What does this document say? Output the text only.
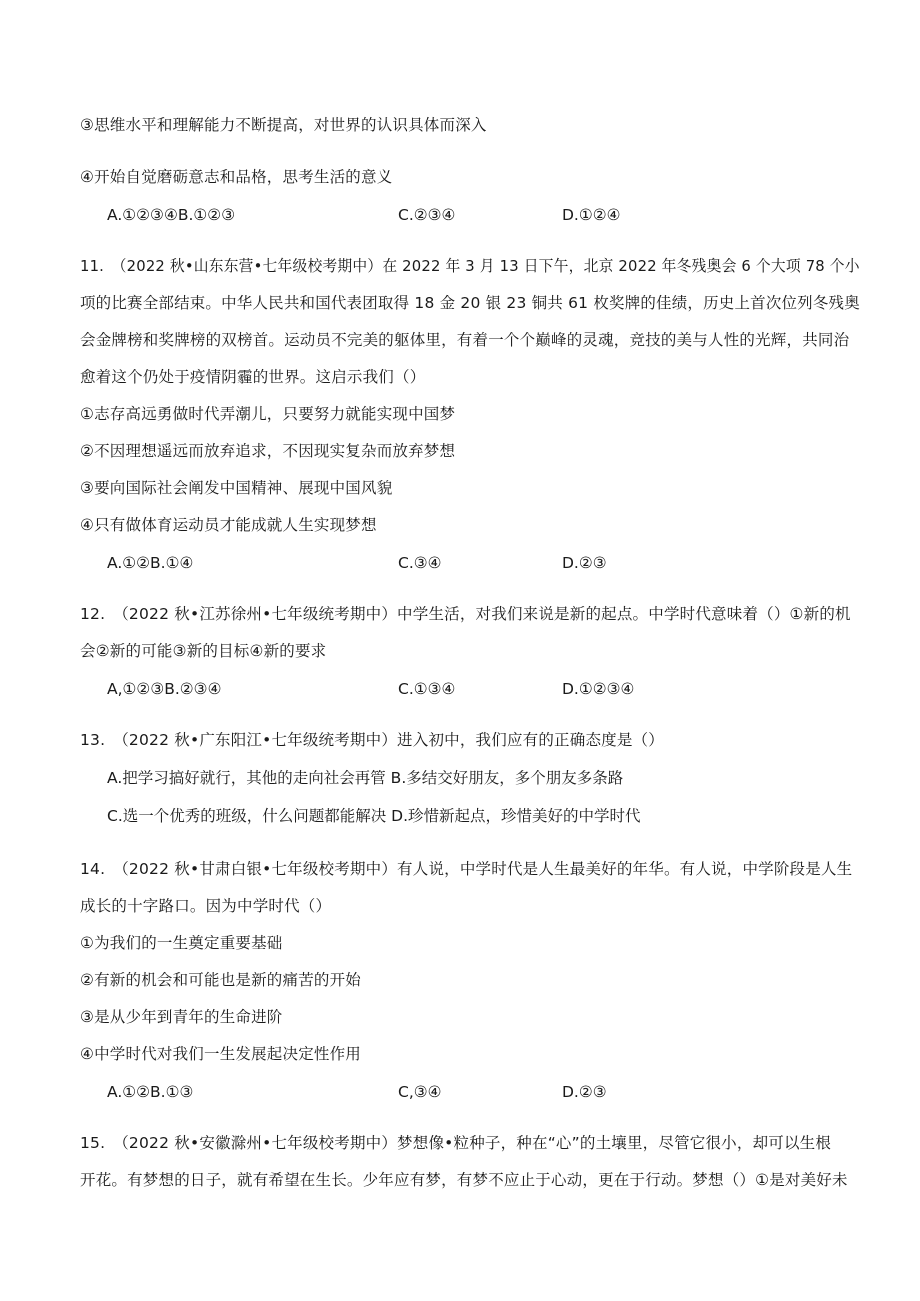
③思维水平和理解能力不断提高，对世界的认识具体而深入
④开始自觉磨砺意志和品格，思考生活的意义
A.①②③④B.①②③	C.②③④	D.①②④
11.　（2022 秋•山东东营•七年级校考期中）在 2022 年 3 月 13 日下午，北京 2022 年冬残奥会 6 个大项 78 个小
项的比赛全部结束。中华人民共和国代表团取得 18 金 20 银 23 铜共 61 枚奖牌的佳绩，历史上首次位列冬残奥
会金牌榜和奖牌榜的双榜首。运动员不完美的躯体里，有着一个个巅峰的灵魂，竞技的美与人性的光辉，共同治
愈着这个仍处于疫情阴霾的世界。这启示我们（）
①志存高远勇做时代弄潮儿，只要努力就能实现中国梦
②不因理想遥远而放弃追求，不因现实复杂而放弃梦想
③要向国际社会阐发中国精神、展现中国风貌
④只有做体育运动员才能成就人生实现梦想
A.①②B.①④	C.③④	D.②③
12.　（2022 秋•江苏徐州•七年级统考期中）中学生活，对我们来说是新的起点。中学时代意味着（）①新的机
会②新的可能③新的目标④新的要求
A,①②③B.②③④	C.①③④	D.①②③④
13.　（2022 秋•广东阳江•七年级统考期中）进入初中，我们应有的正确态度是（）
A.把学习搞好就行，其他的走向社会再管 B.多结交好朋友，多个朋友多条路
C.选一个优秀的班级，什么问题都能解决 D.珍惜新起点，珍惜美好的中学时代
14.　（2022 秋•甘肃白银•七年级校考期中）有人说，中学时代是人生最美好的年华。有人说，中学阶段是人生
成长的十字路口。因为中学时代（）
①为我们的一生奠定重要基础
②有新的机会和可能也是新的痛苦的开始
③是从少年到青年的生命进阶
④中学时代对我们一生发展起决定性作用
A.①②B.①③	C,③④	D.②③
15.　（2022 秋•安徽滁州•七年级校考期中）梦想像•粒种子，种在“心”的土壤里，尽管它很小，却可以生根
开花。有梦想的日子，就有希望在生长。少年应有梦，有梦不应止于心动，更在于行动。梦想（）①是对美好未
